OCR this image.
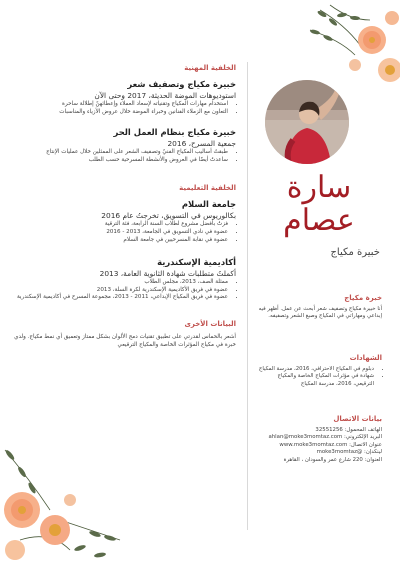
الخلفية المهنية

خبيرة مكياج وتصفيف شعر

استوديوهات الموضة الحديثة، 2017 وحتى الآن

• استخدام مهارات المكياج وتقنياته لإسعاد العملاء وإعطائهنّ إطلالة ساحرة
• التعاون مع الزملاء الفنانين وخبراء الموضة خلال عروض الأزياء والمناسبات

خبيرة مكياج بنظام العمل الحر

جمعية المسرح، 2016

• طبقتُ أساليب المكياج الفنيّ وتصفيف الشعر على الممثلين خلال عمليات الإنتاج
• ساعدتُ أيضًا في العروض والأنشطة المسرحية حسب الطلب

الخلفية التعليمية

جامعة السلام

بكالوريوس في التسويق، تخرجتُ عام 2016

• فزتُ بأفضل مشروع لطلاب السنة الرابعة، فئة الترقية
• عضوة في نادي التسويق في الجامعة، 2013 - 2016
• عضوة في نقابة المسرحيين في جامعة السلام

أكاديمية الإسكندرية

أكملتُ متطلبات شهادة الثانوية العامة، 2013

• ممثلة الصف، 2013، مجلس الطلاب
• عضوة في فريق الأكاديمية الإسكندرية لكرة السلة، 2013
• عضوة في فريق المكياج الإبداعي، 2011 - 2013، مجموعة المسرح في أكاديمية الإسكندرية

البيانات الأخرى

أشعر بالحماس لقدرتي على تطبيق تقنيات دمج الألوان بشكل ممتاز وتعميق أي نمط مكياج. ولدي خبرة في مكياج المؤثرات الخاصة والمكياج الترقيعي

سارة
عصام
خبيرة مكياج

خبرة مكياج

أنا خبيرة مكياج وتصفيف شعر أبحث عن عمل. أظهر فيه إبداعي ومهاراتي في المكياج وصبغ الشعر وتصفيفه.

الشهادات

• دبلوم في المكياج الاحترافي، 2016، مدرسة المكياج
• شهادة في مؤثرات المكياج الخاصة والمكياج الترقيعي، 2016، مدرسة المكياج

بيانات الاتصال

الهاتف المحمول: 32551256

البريد الإلكتروني: ahlan@moke3momtaz.com

عنوان الاتصال: www.moke3momtaz.com

لينكدإن: @moke3momtaz

العنوان: 220 شارع عمر والسودان ، القاهرة
